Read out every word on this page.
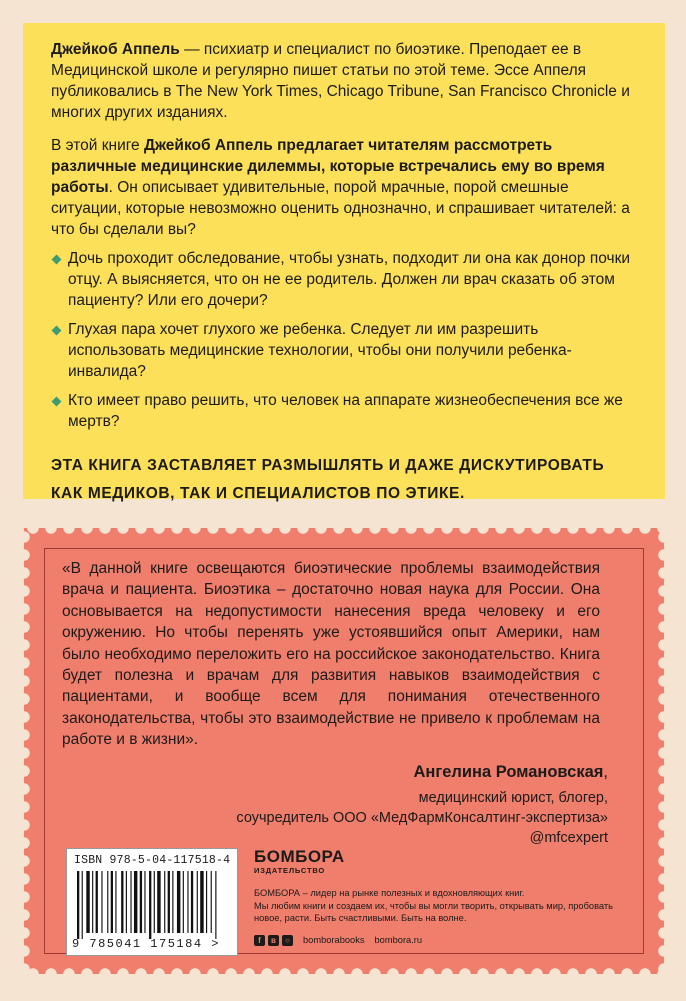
Джейкоб Аппель — психиатр и специалист по биоэтике. Преподает ее в Медицинской школе и регулярно пишет статьи по этой теме. Эссе Аппеля публиковались в The New York Times, Chicago Tribune, San Francisco Chronicle и многих других изданиях.

В этой книге Джейкоб Аппель предлагает читателям рассмотреть различные медицинские дилеммы, которые встречались ему во время работы. Он описывает удивительные, порой мрачные, порой смешные ситуации, которые невозможно оценить однозначно, и спрашивает читателей: а что бы сделали вы?

Дочь проходит обследование, чтобы узнать, подходит ли она как донор почки отцу. А выясняется, что он не ее родитель. Должен ли врач сказать об этом пациенту? Или его дочери?
Глухая пара хочет глухого же ребенка. Следует ли им разрешить использовать медицинские технологии, чтобы они получили ребенка-инвалида?
Кто имеет право решить, что человек на аппарате жизнеобеспечения все же мертв?
ЭТА КНИГА ЗАСТАВЛЯЕТ РАЗМЫШЛЯТЬ И ДАЖЕ ДИСКУТИРОВАТЬ КАК МЕДИКОВ, ТАК И СПЕЦИАЛИСТОВ ПО ЭТИКЕ.

«В данной книге освещаются биоэтические проблемы взаимодействия врача и пациента. Биоэтика – достаточно новая наука для России. Она основывается на недопустимости нанесения вреда человеку и его окружению. Но чтобы перенять уже устоявшийся опыт Америки, нам было необходимо переложить его на российское законодательство. Книга будет полезна и врачам для развития навыков взаимодействия с пациентами, и вообще всем для понимания отечественного законодательства, чтобы это взаимодействие не привело к проблемам на работе и в жизни».

Ангелина Романовская,
медицинский юрист, блогер,
соучредитель ООО «МедФармКонсалтинг-экспертиза»
@mfcexpert
ISBN 978-5-04-117518-4
9 785041 175184 >
БОМБОРА
ИЗДАТЕЛЬСТВО
БОМБОРА – лидер на рынке полезных и вдохновляющих книг.
Мы любим книги и создаем их, чтобы вы могли творить, открывать мир, пробовать новое, расти. Быть счастливыми. Быть на волне.
f	в	○	bomborabooks bombora.ru
